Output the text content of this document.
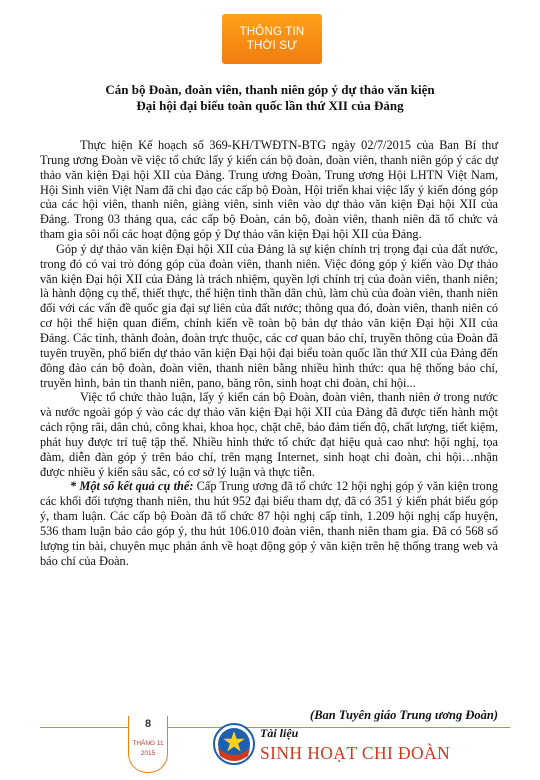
THÔNG TIN
THỜI SỰ
Cán bộ Đoàn, đoàn viên, thanh niên góp ý dự thảo văn kiện
Đại hội đại biểu toàn quốc lần thứ XII của Đảng

Thực hiện Kế hoạch số 369-KH/TWĐTN-BTG ngày 02/7/2015 của Ban Bí thư Trung ương Đoàn về việc tổ chức lấy ý kiến cán bộ đoàn, đoàn viên, thanh niên góp ý các dự thảo văn kiện Đại hội XII của Đảng. Trung ương Đoàn, Trung ương Hội LHTN Việt Nam, Hội Sinh viên Việt Nam đã chỉ đạo các cấp bộ Đoàn, Hội triển khai việc lấy ý kiến đóng góp của các hội viên, thanh niên, giảng viên, sinh viên vào dự thảo văn kiện Đại hội XII của Đảng. Trong 03 tháng qua, các cấp bộ Đoàn, cán bộ, đoàn viên, thanh niên đã tổ chức và tham gia sôi nổi các hoạt động góp ý Dự thảo văn kiện Đại hội XII của Đảng.

Góp ý dự thảo văn kiện Đại hội XII của Đảng là sự kiện chính trị trọng đại của đất nước, trong đó có vai trò đóng góp của đoàn viên, thanh niên. Việc đóng góp ý kiến vào Dự thảo văn kiện Đại hội XII của Đảng là trách nhiệm, quyền lợi chính trị của đoàn viên, thanh niên; là hành động cụ thể, thiết thực, thể hiện tinh thần dân chủ, làm chủ của đoàn viên, thanh niên đối với các vấn đề quốc gia đại sự liên của đất nước; thông qua đó, đoàn viên, thanh niên có cơ hội thể hiện quan điểm, chính kiến về toàn bộ bản dự thảo văn kiện Đại hội XII của Đảng. Các tỉnh, thành đoàn, đoàn trực thuộc, các cơ quan báo chí, truyền thông của Đoàn đã tuyên truyền, phổ biến dự thảo văn kiện Đại hội đại biểu toàn quốc lần thứ XII của Đảng đến đông đảo cán bộ đoàn, đoàn viên, thanh niên bằng nhiều hình thức: qua hệ thống báo chí, truyền hình, bản tin thanh niên, pano, băng rôn, sinh hoạt chi đoàn, chi hội...

Việc tổ chức thảo luận, lấy ý kiến cán bộ Đoàn, đoàn viên, thanh niên ở trong nước và nước ngoài góp ý vào các dự thảo văn kiện Đại hội XII của Đảng đã được tiến hành một cách rộng rãi, dân chủ, công khai, khoa học, chặt chẽ, bảo đảm tiến độ, chất lượng, tiết kiệm, phát huy được trí tuệ tập thể. Nhiều hình thức tổ chức đạt hiệu quả cao như: hội nghị, tọa đàm, diễn đàn góp ý trên báo chí, trên mạng Internet, sinh hoạt chi đoàn, chi hội…nhận được nhiều ý kiến sâu sắc, có cơ sở lý luận và thực tiễn.

* Một số kết quả cụ thể: Cấp Trung ương đã tổ chức 12 hội nghị góp ý văn kiện trong các khối đối tượng thanh niên, thu hút 952 đại biểu tham dự, đã có 351 ý kiến phát biểu góp ý, tham luận. Các cấp bộ Đoàn đã tổ chức 87 hội nghị cấp tỉnh, 1.209 hội nghị cấp huyện, 536 tham luận báo cáo góp ý, thu hút 106.010 đoàn viên, thanh niên tham gia. Đã có 568 số lượng tin bài, chuyên mục phản ánh về hoạt động góp ý văn kiện trên hệ thống trang web và báo chí của Đoàn.

(Ban Tuyên giáo Trung ương Đoàn)
8
THÁNG 11
2015
Tài liệu
SINH HOẠT CHI ĐOÀN
